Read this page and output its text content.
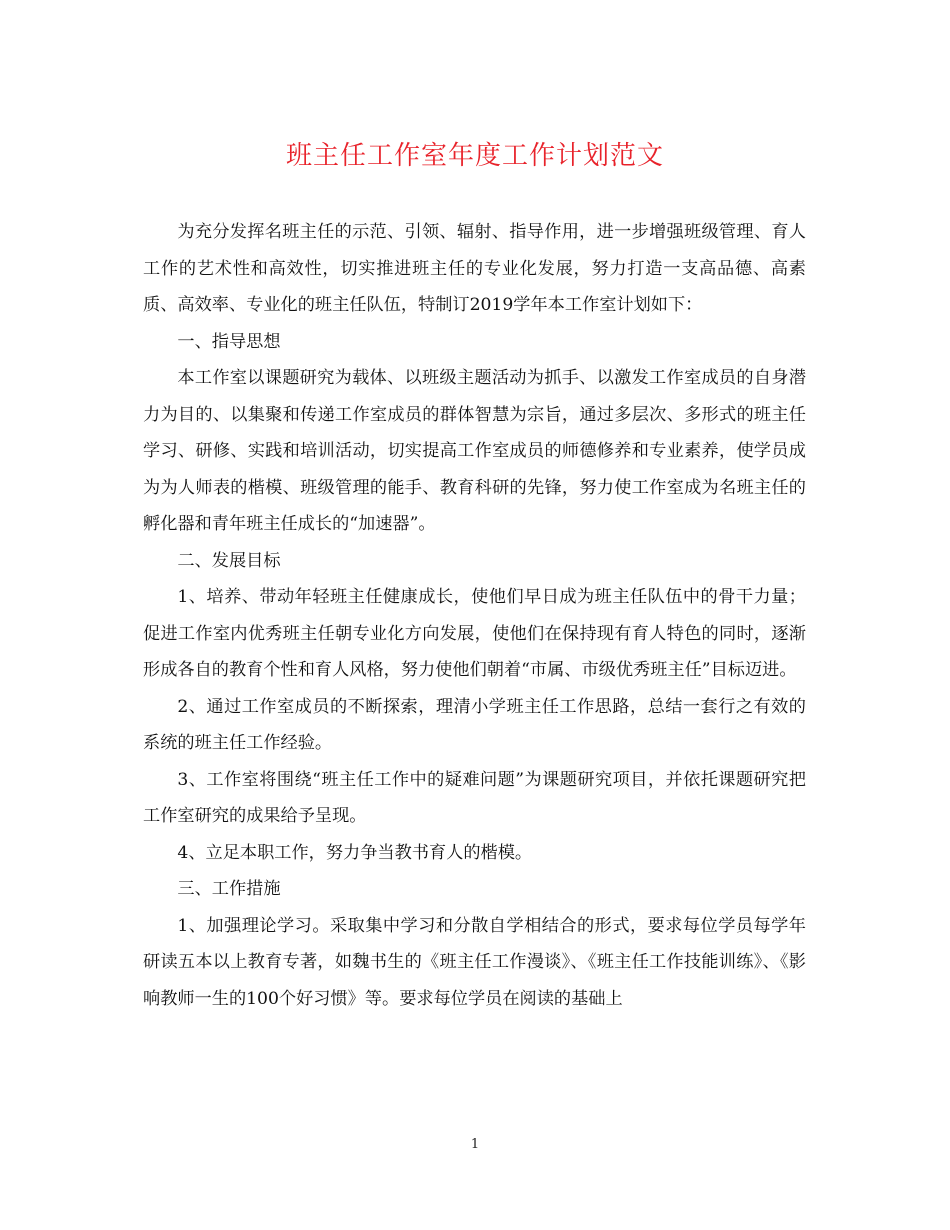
班主任工作室年度工作计划范文

为充分发挥名班主任的示范、引领、辐射、指导作用，进一步增强班级管理、育人工作的艺术性和高效性，切实推进班主任的专业化发展，努力打造一支高品德、高素质、高效率、专业化的班主任队伍，特制订2019学年本工作室计划如下：

一、指导思想

本工作室以课题研究为载体、以班级主题活动为抓手、以激发工作室成员的自身潜力为目的、以集聚和传递工作室成员的群体智慧为宗旨，通过多层次、多形式的班主任学习、研修、实践和培训活动，切实提高工作室成员的师德修养和专业素养，使学员成为为人师表的楷模、班级管理的能手、教育科研的先锋，努力使工作室成为名班主任的孵化器和青年班主任成长的“加速器”。

二、发展目标

1、培养、带动年轻班主任健康成长，使他们早日成为班主任队伍中的骨干力量；促进工作室内优秀班主任朝专业化方向发展，使他们在保持现有育人特色的同时，逐渐形成各自的教育个性和育人风格，努力使他们朝着“市属、市级优秀班主任”目标迈进。

2、通过工作室成员的不断探索，理清小学班主任工作思路，总结一套行之有效的系统的班主任工作经验。

3、工作室将围绕“班主任工作中的疑难问题”为课题研究项目，并依托课题研究把工作室研究的成果给予呈现。

4、立足本职工作，努力争当教书育人的楷模。

三、工作措施

1、加强理论学习。采取集中学习和分散自学相结合的形式，要求每位学员每学年研读五本以上教育专著，如魏书生的《班主任工作漫谈》、《班主任工作技能训练》、《影响教师一生的100个好习惯》等。要求每位学员在阅读的基础上

1
